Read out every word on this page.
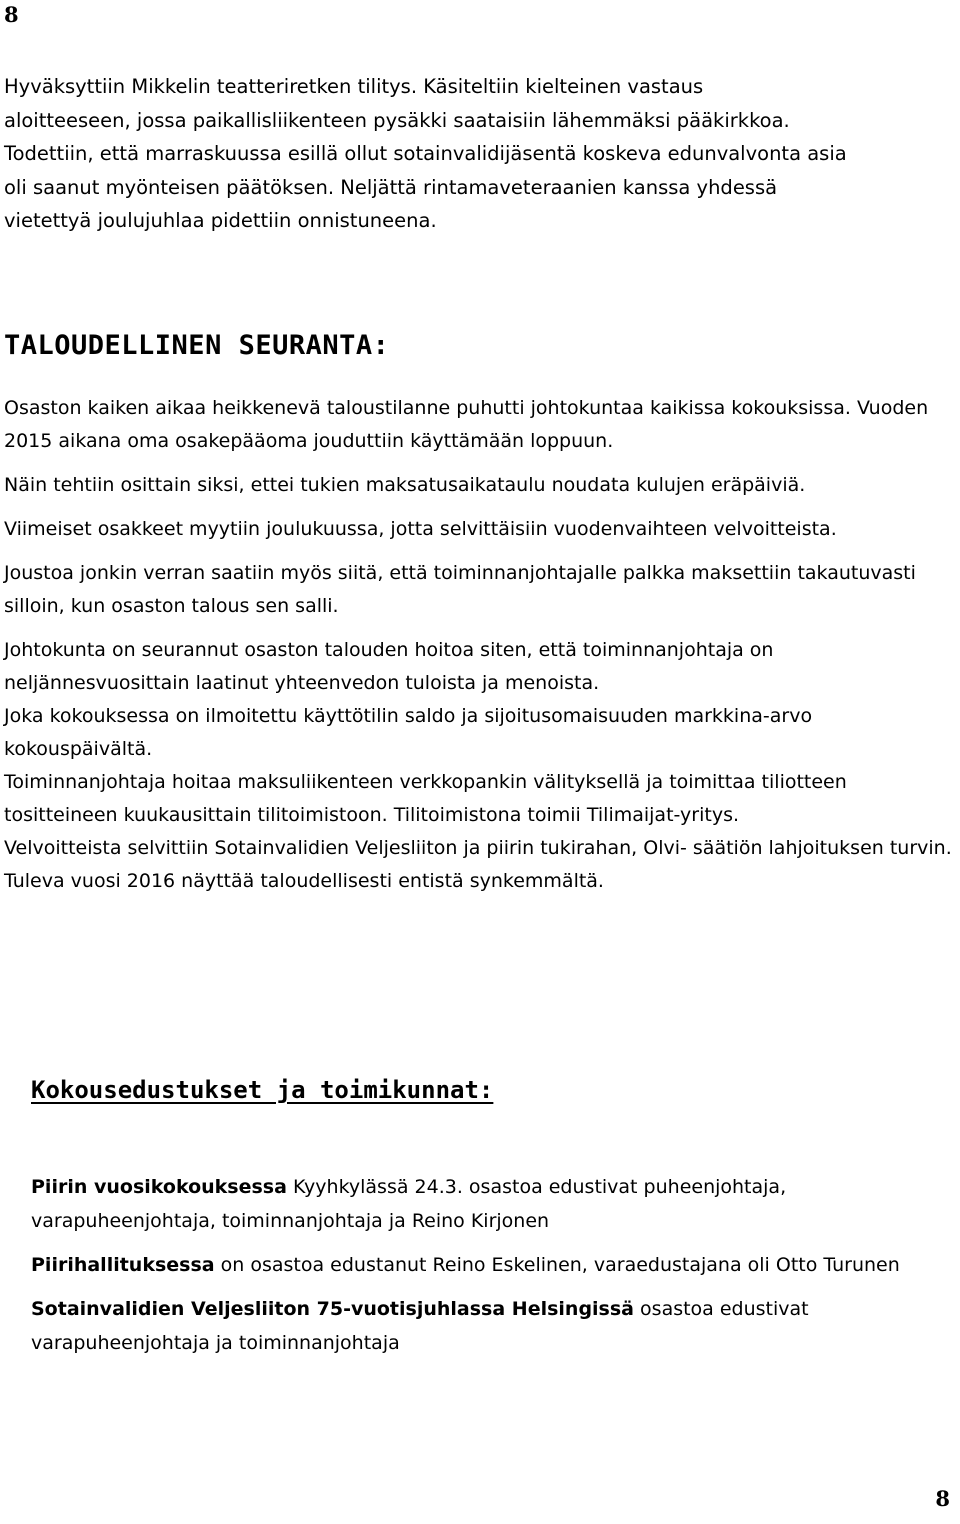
8

Hyväksyttiin Mikkelin teatteriretken tilitys. Käsiteltiin kielteinen vastaus

aloitteeseen, jossa paikallisliikenteen pysäkki saataisiin lähemmäksi pääkirkkoa.

Todettiin, että marraskuussa esillä ollut sotainvalidijäsentä koskeva edunvalvonta asia

oli saanut myönteisen päätöksen. Neljättä rintamaveteraanien kanssa yhdessä

vietettyä joulujuhlaa pidettiin onnistuneena.

TALOUDELLINEN SEURANTA:

Osaston kaiken aikaa heikkenevä taloustilanne puhutti johtokuntaa kaikissa kokouksissa. Vuoden 2015 aikana oma osakepääoma jouduttiin käyttämään loppuun.

Näin tehtiin osittain siksi, ettei tukien maksatusaikataulu noudata kulujen eräpäiviä.

Viimeiset osakkeet myytiin joulukuussa, jotta selvittäisiin vuodenvaihteen velvoitteista.

Joustoa jonkin verran saatiin myös siitä, että toiminnanjohtajalle palkka maksettiin takautuvasti silloin, kun osaston talous sen salli.

Johtokunta on seurannut osaston talouden hoitoa siten, että toiminnanjohtaja on neljännesvuosittain laatinut yhteenvedon tuloista ja menoista.

Joka kokouksessa on ilmoitettu käyttötilin saldo ja sijoitusomaisuuden markkina-arvo kokouspäivältä.

Toiminnanjohtaja hoitaa maksuliikenteen verkkopankin välityksellä ja toimittaa tiliotteen tositteineen kuukausittain tilitoimistoon. Tilitoimistona toimii Tilimaijat-yritys.

Velvoitteista selvittiin Sotainvalidien Veljesliiton ja piirin tukirahan, Olvi- säätiön lahjoituksen turvin.

Tuleva vuosi 2016 näyttää taloudellisesti entistä synkemmältä.

Kokousedustukset ja toimikunnat:

Piirin vuosikokouksessa Kyyhkylässä 24.3. osastoa edustivat puheenjohtaja, varapuheenjohtaja, toiminnanjohtaja ja Reino Kirjonen

Piirihallituksessa on osastoa edustanut Reino Eskelinen, varaedustajana oli Otto Turunen

Sotainvalidien Veljesliiton 75-vuotisjuhlassa Helsingissä osastoa edustivat varapuheenjohtaja ja toiminnanjohtaja

8
